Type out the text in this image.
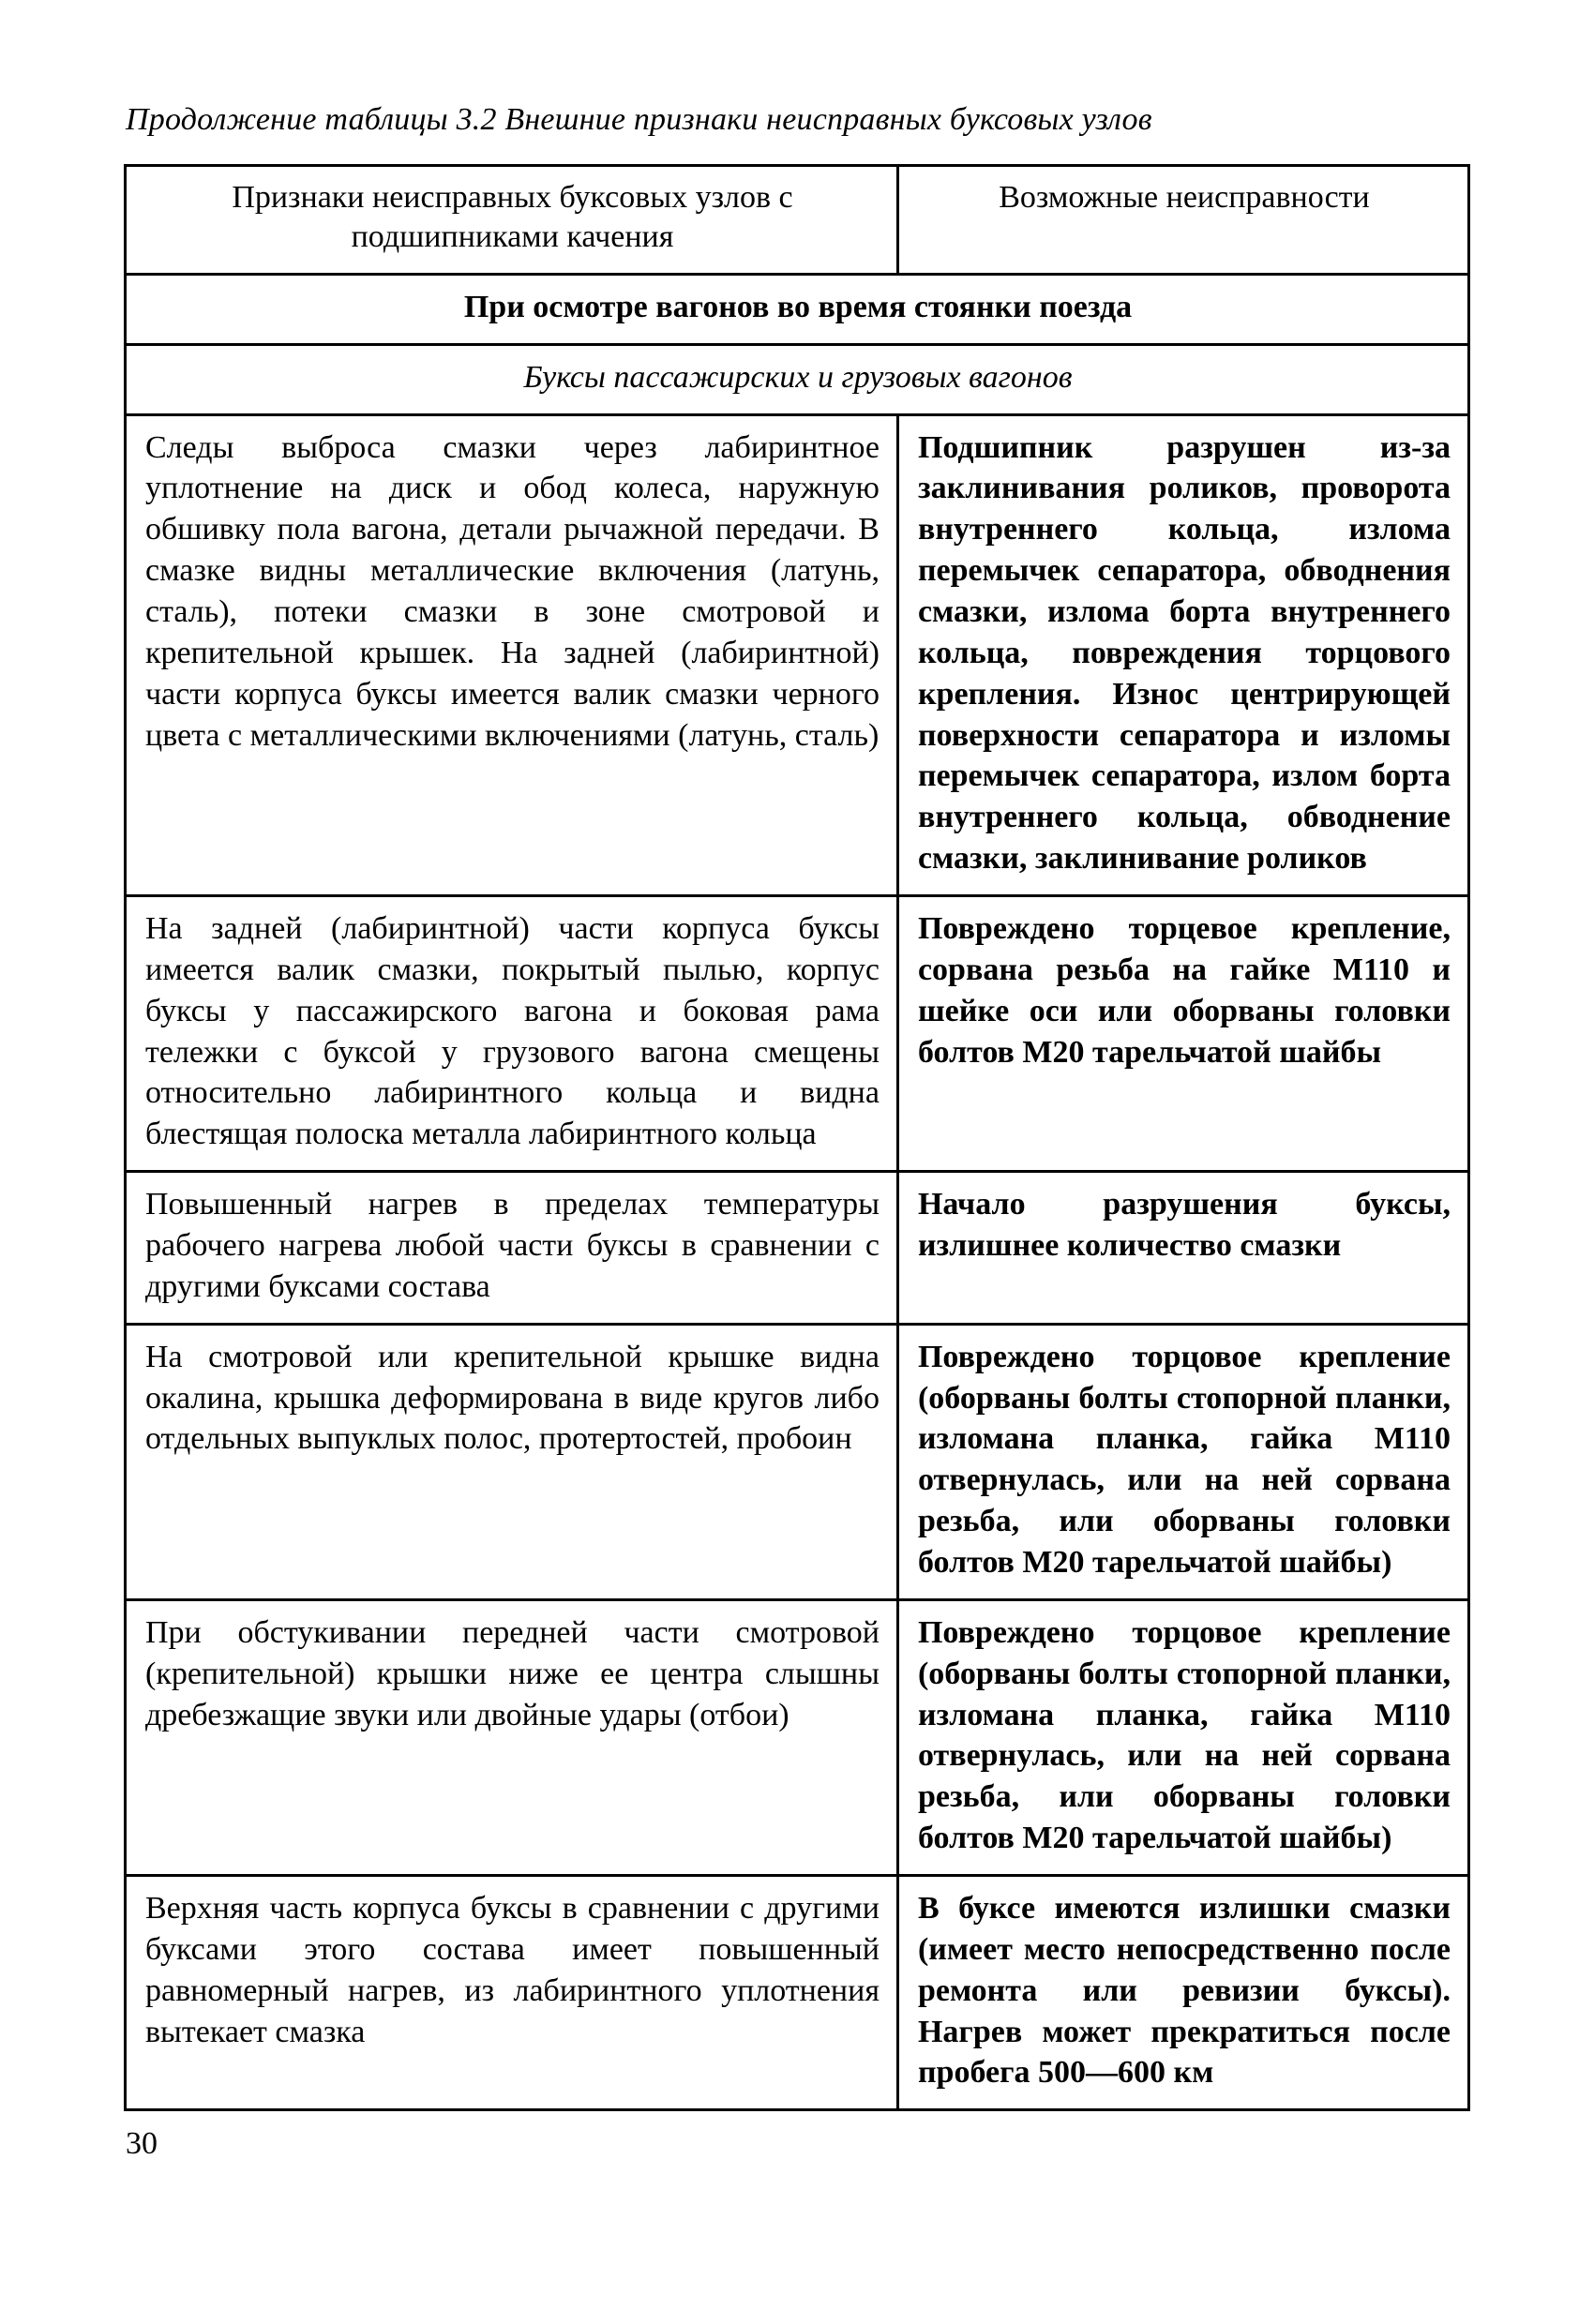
Продолжение таблицы 3.2 Внешние признаки неисправных буксовых узлов
Признаки неисправных буксовых узлов с подшипниками качения	Возможные неисправности
При осмотре вагонов во время стоянки поезда	
Буксы пассажирских и грузовых вагонов	
Следы выброса смазки через лабиринтное уплотнение на диск и обод колеса, наружную обшивку пола вагона, детали рычажной передачи. В смазке видны металлические включения (латунь, сталь), потеки смазки в зоне смотровой и крепительной крышек. На задней (лабиринтной) части корпуса буксы имеется валик смазки черного цвета с металлическими включениями (латунь, сталь)	Подшипник разрушен из-за заклинивания роликов, проворота внутреннего кольца, излома перемычек сепаратора, обводнения смазки, излома борта внутреннего кольца, повреждения торцового крепления. Износ центрирующей поверхности сепаратора и изломы перемычек сепаратора, излом борта внутреннего кольца, обводнение смазки, заклинивание роликов
На задней (лабиринтной) части корпуса буксы имеется валик смазки, покрытый пылью, корпус буксы у пассажирского вагона и боковая рама тележки с буксой у грузового вагона смещены относительно лабиринтного кольца и видна блестящая полоска металла лабиринтного кольца	Повреждено торцевое крепление, сорвана резьба на гайке М110 и шейке оси или оборваны головки болтов М20 тарельчатой шайбы
Повышенный нагрев в пределах температуры рабочего нагрева любой части буксы в сравнении с другими буксами состава	Начало разрушения буксы, излишнее количество смазки
На смотровой или крепительной крышке видна окалина, крышка деформирована в виде кругов либо отдельных выпуклых полос, протертостей, пробоин	Повреждено торцовое крепление (оборваны болты стопорной планки, изломана планка, гайка М110 отвернулась, или на ней сорвана резьба, или оборваны головки болтов М20 тарельчатой шайбы)
При обстукивании передней части смотровой (крепительной) крышки ниже ее центра слышны дребезжащие звуки или двойные удары (отбои)	Повреждено торцовое крепление (оборваны болты стопорной планки, изломана планка, гайка М110 отвернулась, или на ней сорвана резьба, или оборваны головки болтов М20 тарельчатой шайбы)
Верхняя часть корпуса буксы в сравнении с другими буксами этого состава имеет повышенный равномерный нагрев, из лабиринтного уплотнения вытекает смазка	В буксе имеются излишки смазки (имеет место непосредственно после ремонта или ревизии буксы). Нагрев может прекратиться после пробега 500—600 км
30
